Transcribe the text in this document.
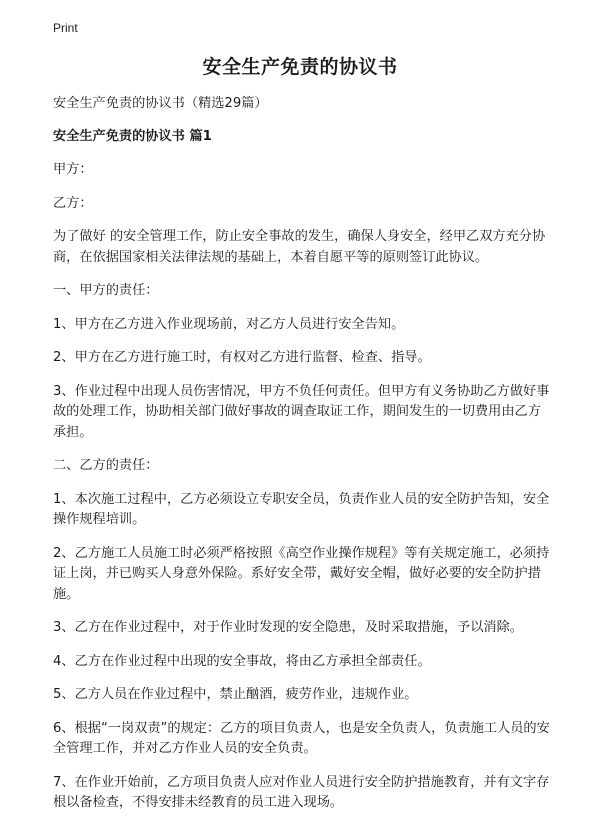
Print
安全生产免责的协议书

安全生产免责的协议书（精选29篇）

安全生产免责的协议书 篇1

甲方：

乙方：

为了做好 的安全管理工作，防止安全事故的发生，确保人身安全，经甲乙双方充分协商，在依据国家相关法律法规的基础上，本着自愿平等的原则签订此协议。

一、甲方的责任：

1、甲方在乙方进入作业现场前，对乙方人员进行安全告知。

2、甲方在乙方进行施工时，有权对乙方进行监督、检查、指导。

3、作业过程中出现人员伤害情况，甲方不负任何责任。但甲方有义务协助乙方做好事故的处理工作，协助相关部门做好事故的调查取证工作，期间发生的一切费用由乙方承担。

二、乙方的责任：

1、本次施工过程中，乙方必须设立专职安全员，负责作业人员的安全防护告知，安全操作规程培训。

2、乙方施工人员施工时必须严格按照《高空作业操作规程》等有关规定施工，必须持证上岗，并已购买人身意外保险。系好安全带，戴好安全帽，做好必要的安全防护措施。

3、乙方在作业过程中，对于作业时发现的安全隐患，及时采取措施，予以消除。

4、乙方在作业过程中出现的安全事故，将由乙方承担全部责任。

5、乙方人员在作业过程中，禁止酗酒，疲劳作业，违规作业。

6、根据“一岗双责”的规定：乙方的项目负责人，也是安全负责人，负责施工人员的安全管理工作，并对乙方作业人员的安全负责。

7、在作业开始前，乙方项目负责人应对作业人员进行安全防护措施教育，并有文字存根以备检查，不得安排未经教育的员工进入现场。
